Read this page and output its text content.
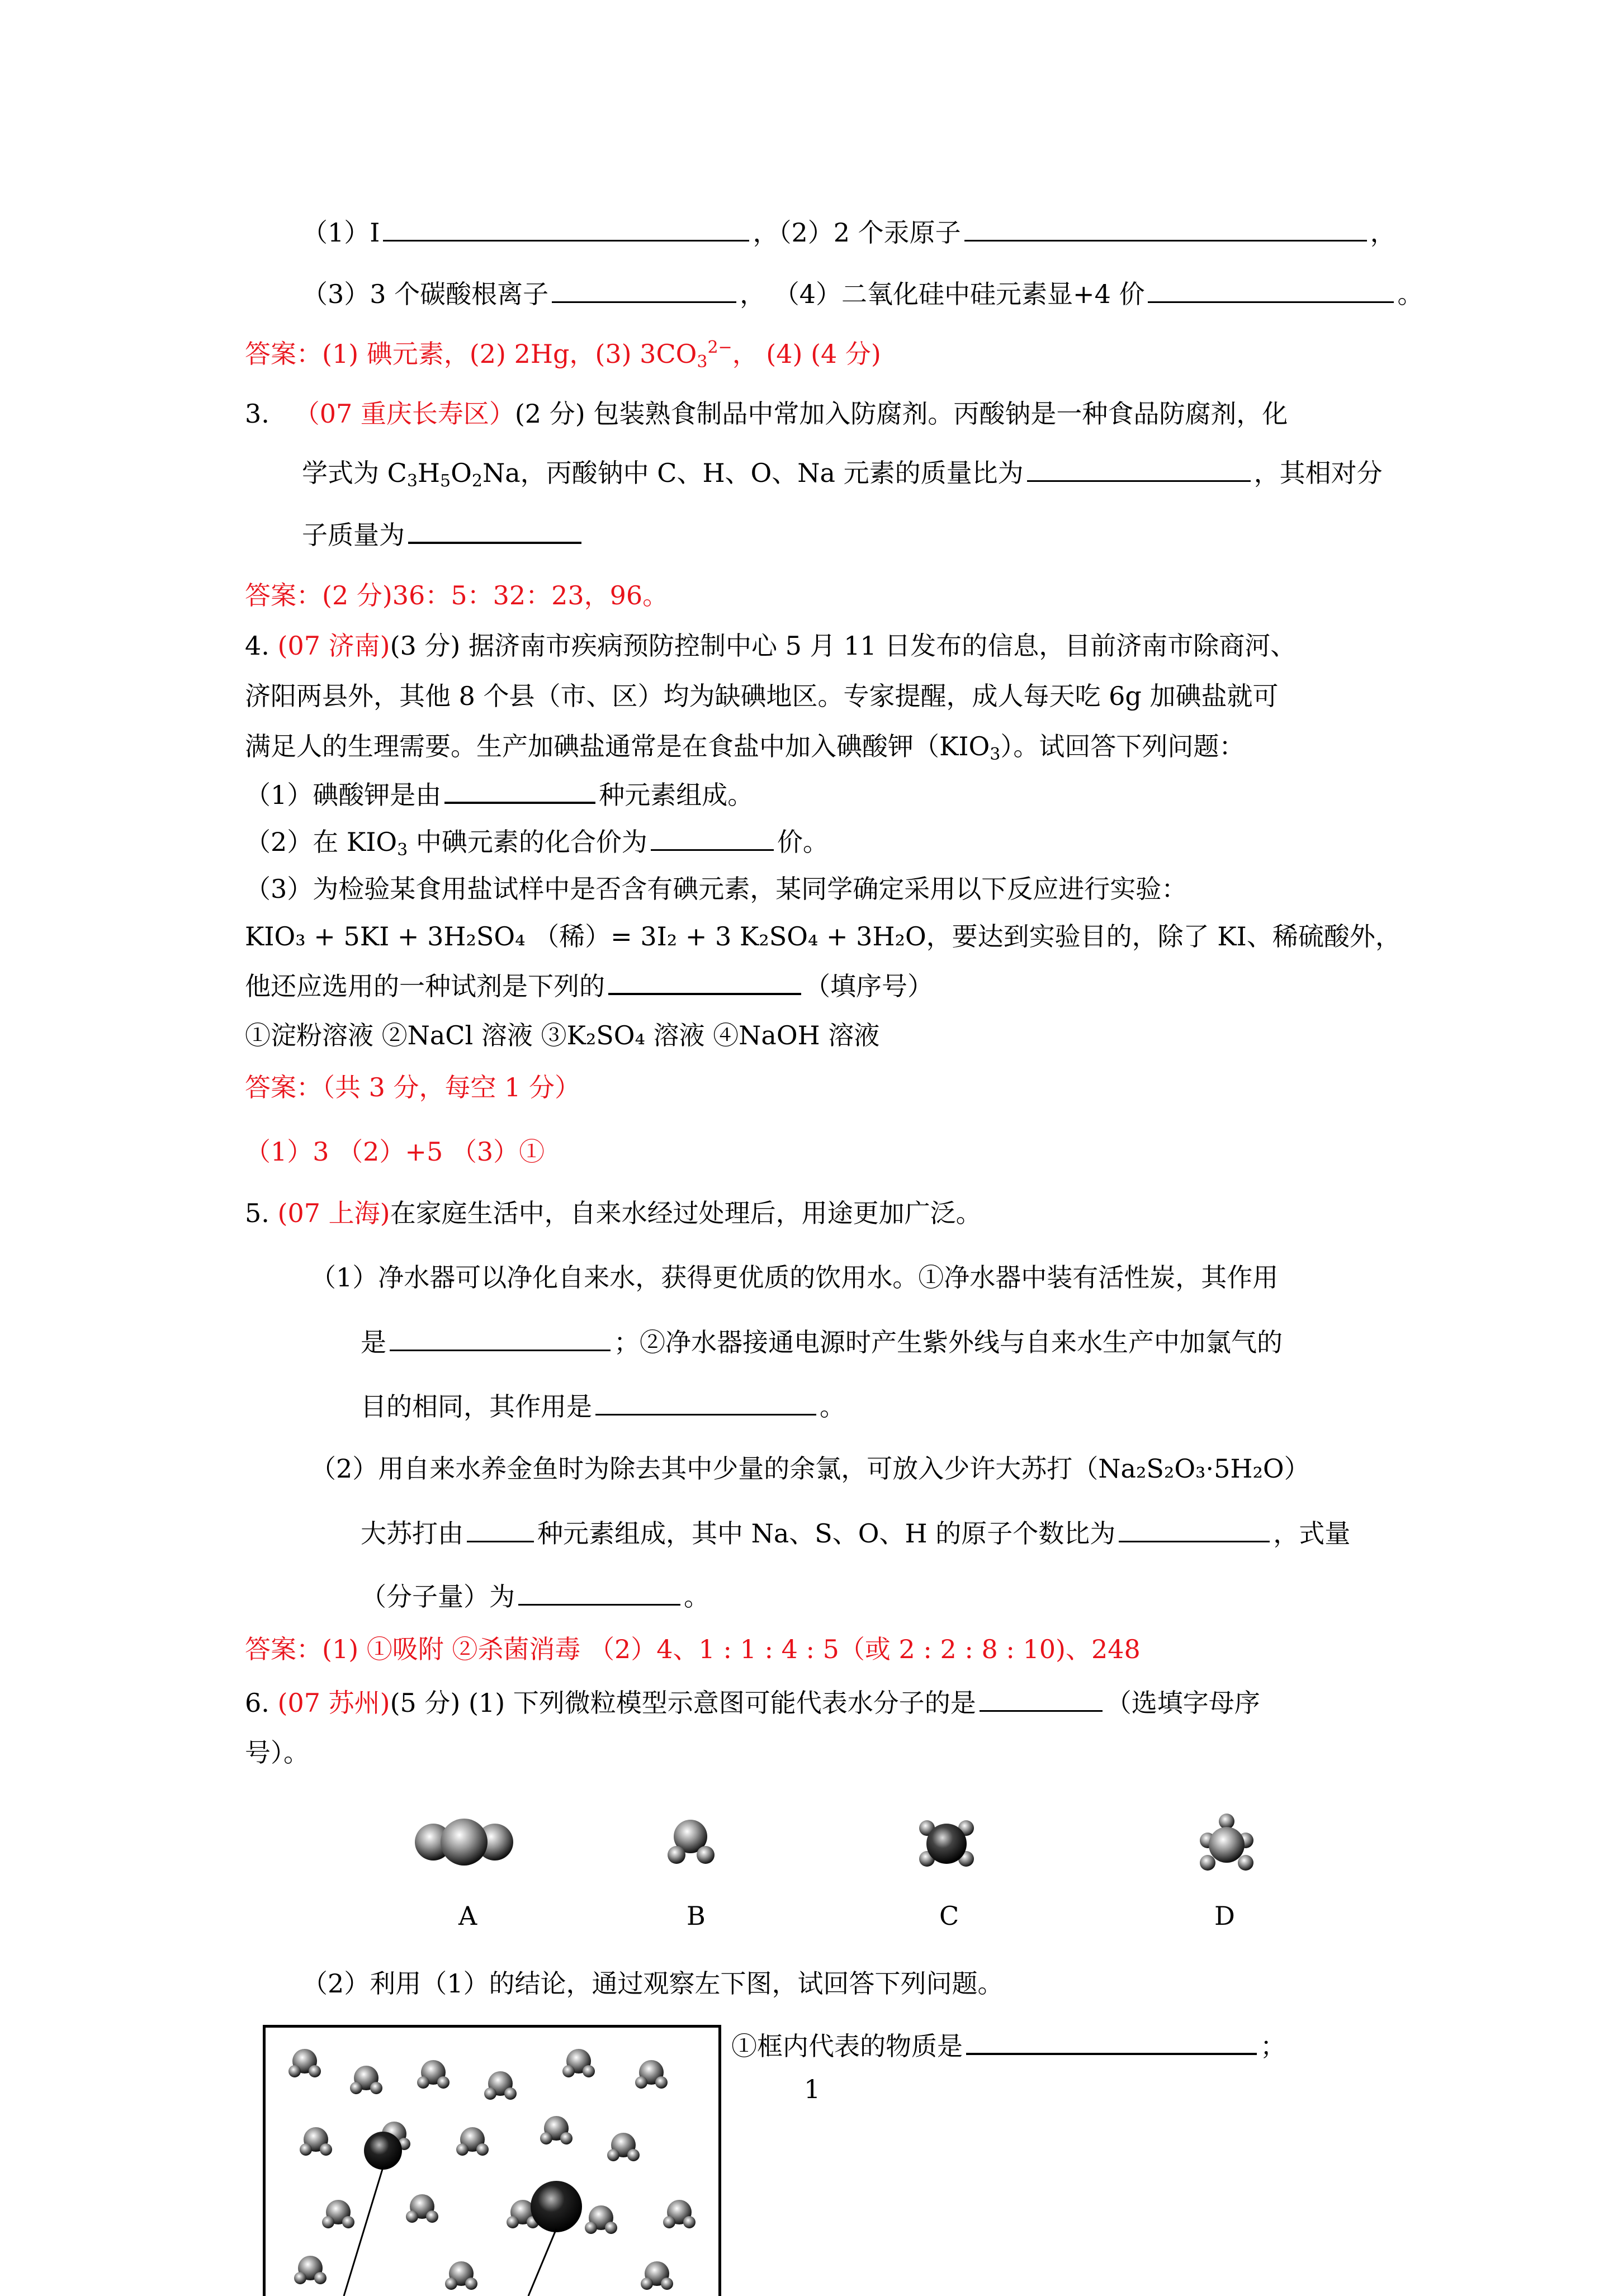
（1）I	，（2）2 个汞原子	，
（3）3 个碳酸根离子	， （4）二氧化硅中硅元素显+4 价	。
答案：(1) 碘元素，(2) 2Hg，(3) $3CO_3^{2-}$， (4) (4 分)
3. （07 重庆长寿区）(2 分) 包装熟食制品中常加入防腐剂。丙酸钠是一种食品防腐剂，化
学式为 $C_3H_5O_2Na$，丙酸钠中 C、H、O、Na 元素的质量比为	，其相对分
子质量为
答案：(2 分)36：5：32：23，96。
4. (07 济南)(3 分) 据济南市疾病预防控制中心 5 月 11 日发布的信息，目前济南市除商河、
济阳两县外，其他 8 个县（市、区）均为缺碘地区。专家提醒，成人每天吃 6g 加碘盐就可
满足人的生理需要。生产加碘盐通常是在食盐中加入碘酸钾$(KIO_3)$。试回答下列问题：
（1）碘酸钾是由	种元素组成。
（2）在 $KIO_3$ 中碘元素的化合价为	价。
（3）为检验某食用盐试样中是否含有碘元素，某同学确定采用以下反应进行实验：
KIO₃ + 5KI + 3H₂SO₄ （稀）= 3I₂ + 3 K₂SO₄ + 3H₂O，要达到实验目的，除了 KI、稀硫酸外，
他还应选用的一种试剂是下列的	（填序号）
①淀粉溶液 ②NaCl 溶液 ③K₂SO₄ 溶液 ④NaOH 溶液
答案：（共 3 分，每空 1 分）
（1）3 （2）+5 （3）①
5. (07 上海)在家庭生活中，自来水经过处理后，用途更加广泛。
（1）净水器可以净化自来水，获得更优质的饮用水。①净水器中装有活性炭，其作用
是	；②净水器接通电源时产生紫外线与自来水生产中加氯气的
目的相同，其作用是	。
（2）用自来水养金鱼时为除去其中少量的余氯，可放入少许大苏打（Na₂S₂O₃·5H₂O）
大苏打由	种元素组成，其中 Na、S、O、H 的原子个数比为	，式量
（分子量）为	。
答案：(1) ①吸附 ②杀菌消毒 （2）4、1 : 1 : 4 : 5（或 2 : 2 : 8 : 10)、248
6. (07 苏州)(5 分) (1) 下列微粒模型示意图可能代表水分子的是	（选填字母序
号）。
A	B	C	D
（2）利用（1）的结论，通过观察左下图，试回答下列问题。
①框内代表的物质是	；
1
